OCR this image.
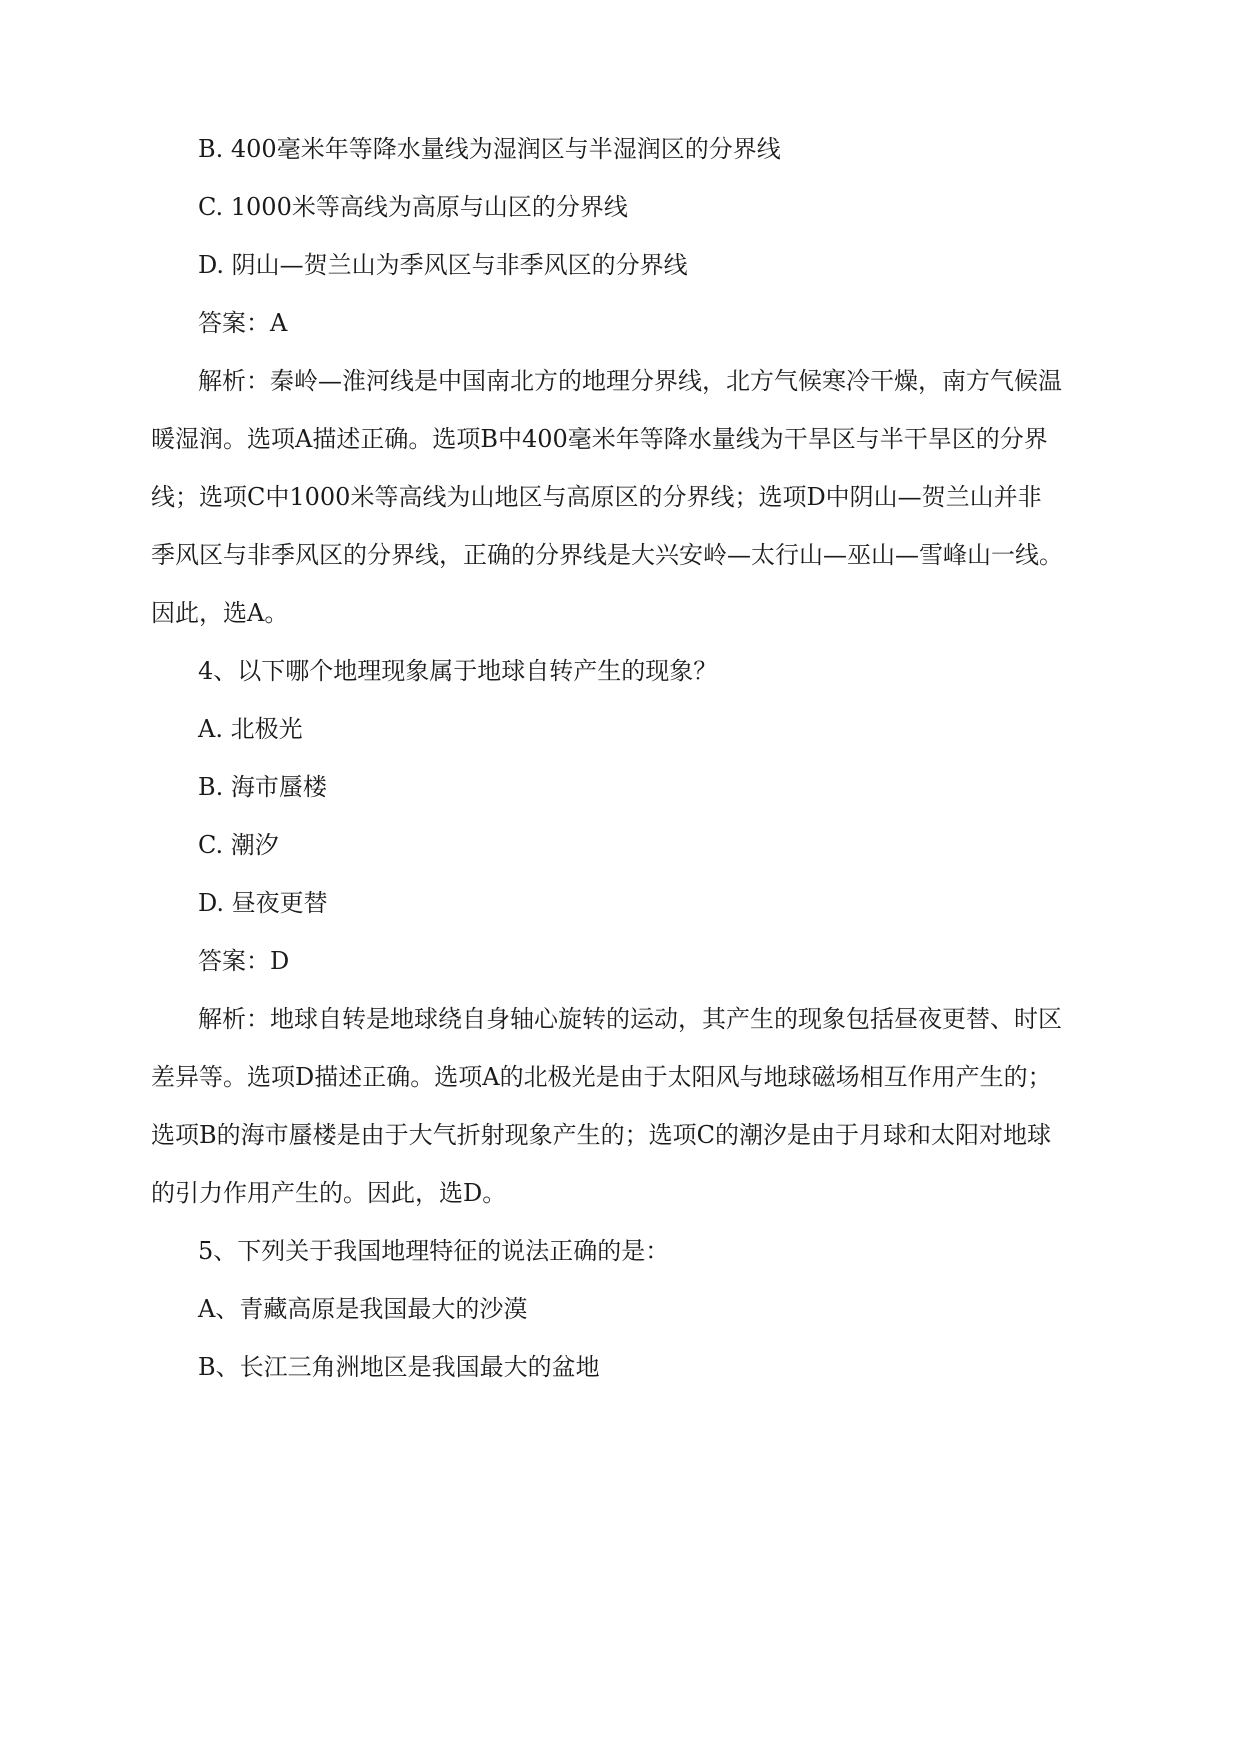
B. 400毫米年等降水量线为湿润区与半湿润区的分界线
C. 1000米等高线为高原与山区的分界线
D. 阴山—贺兰山为季风区与非季风区的分界线
答案：A
解析：秦岭—淮河线是中国南北方的地理分界线，北方气候寒冷干燥，南方气候温
暖湿润。选项A描述正确。选项B中400毫米年等降水量线为干旱区与半干旱区的分界
线；选项C中1000米等高线为山地区与高原区的分界线；选项D中阴山—贺兰山并非
季风区与非季风区的分界线，正确的分界线是大兴安岭—太行山—巫山—雪峰山一线。
因此，选A。
4、以下哪个地理现象属于地球自转产生的现象？
A. 北极光
B. 海市蜃楼
C. 潮汐
D. 昼夜更替
答案：D
解析：地球自转是地球绕自身轴心旋转的运动，其产生的现象包括昼夜更替、时区
差异等。选项D描述正确。选项A的北极光是由于太阳风与地球磁场相互作用产生的；
选项B的海市蜃楼是由于大气折射现象产生的；选项C的潮汐是由于月球和太阳对地球
的引力作用产生的。因此，选D。
5、下列关于我国地理特征的说法正确的是：
A、青藏高原是我国最大的沙漠
B、长江三角洲地区是我国最大的盆地
